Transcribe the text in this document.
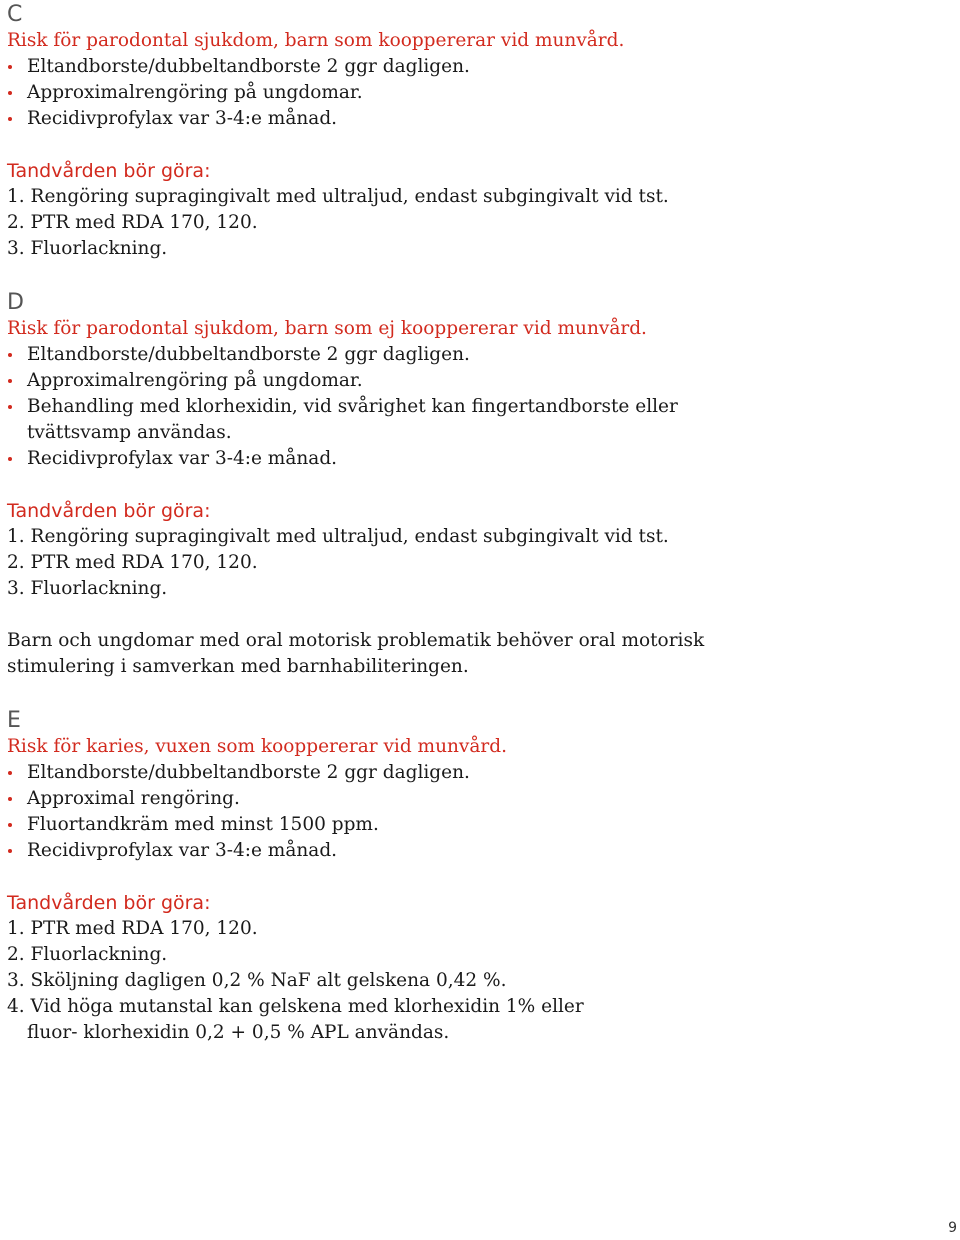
C

Risk för parodontal sjukdom, barn som kooppererar vid munvård.

Eltandborste/dubbeltandborste 2 ggr dagligen.

Approximalrengöring på ungdomar.

Recidivprofylax var 3-4:e månad.

Tandvården bör göra:

1. Rengöring supragingivalt med ultraljud, endast subgingivalt vid tst.

2. PTR med RDA 170, 120.

3. Fluorlackning.

D

Risk för parodontal sjukdom, barn som ej kooppererar vid munvård.

Eltandborste/dubbeltandborste 2 ggr dagligen.

Approximalrengöring på ungdomar.

Behandling med klorhexidin, vid svårighet kan fingertandborste eller

tvättsvamp användas.

Recidivprofylax var 3-4:e månad.

Tandvården bör göra:

1. Rengöring supragingivalt med ultraljud, endast subgingivalt vid tst.

2. PTR med RDA 170, 120.

3. Fluorlackning.

Barn och ungdomar med oral motorisk problematik behöver oral motorisk

stimulering i samverkan med barnhabiliteringen.

E

Risk för karies, vuxen som kooppererar vid munvård.

Eltandborste/dubbeltandborste 2 ggr dagligen.

Approximal rengöring.

Fluortandkräm med minst 1500 ppm.

Recidivprofylax var 3-4:e månad.

Tandvården bör göra:

1. PTR med RDA 170, 120.

2. Fluorlackning.

3. Sköljning dagligen 0,2 % NaF alt gelskena 0,42 %.

4. Vid höga mutanstal kan gelskena med klorhexidin 1% eller

fluor- klorhexidin 0,2 + 0,5 % APL användas.

9
